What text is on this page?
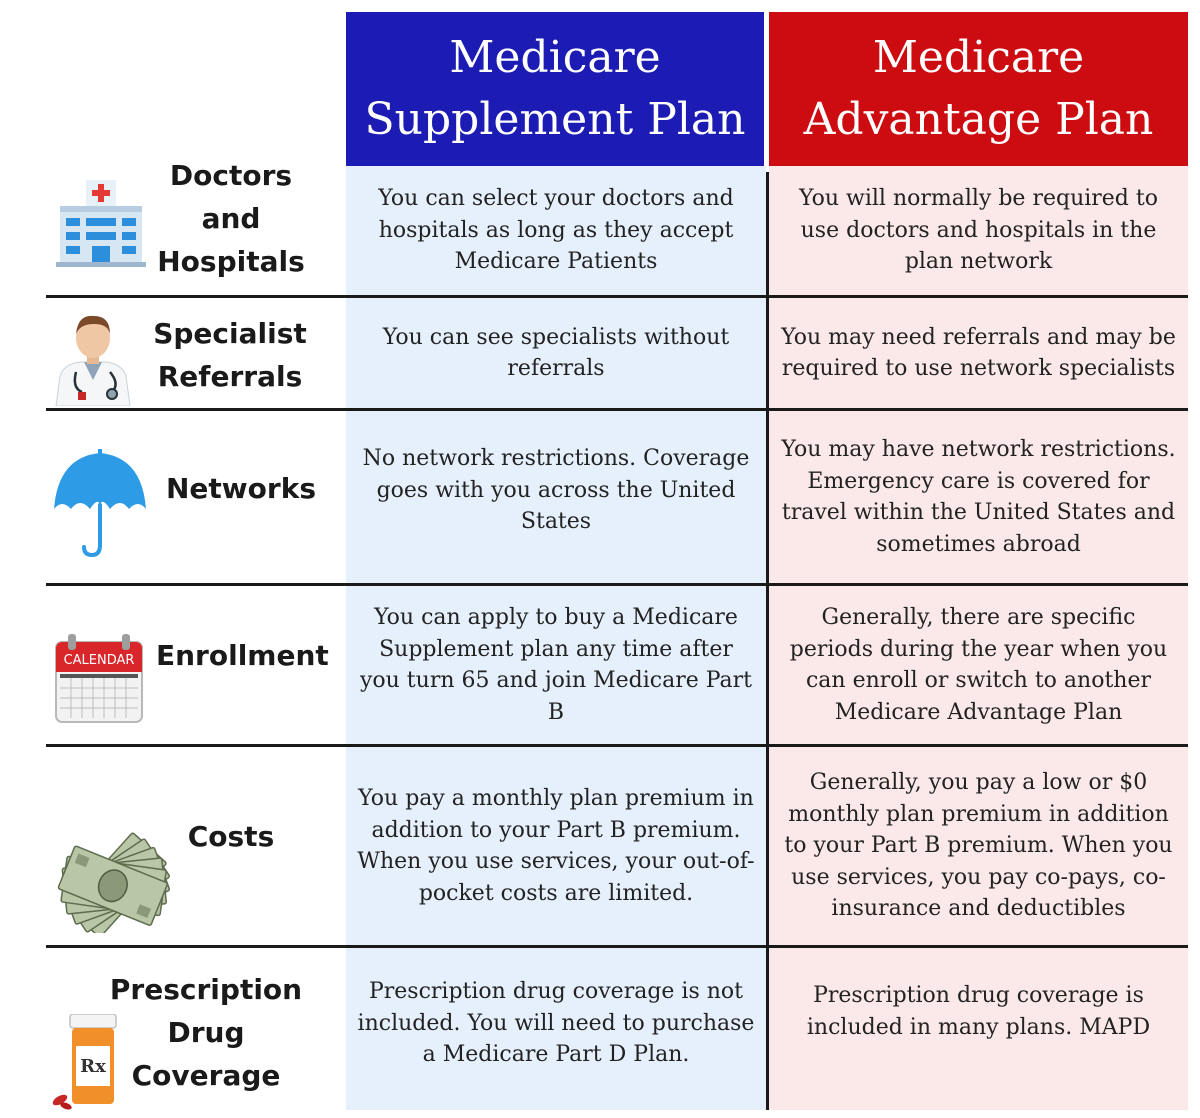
Medicare
Supplement Plan
Medicare
Advantage Plan
Doctors
and
Hospitals
You can select your doctors and hospitals as long as they accept Medicare Patients
You will normally be required to use doctors and hospitals in the plan network
Specialist
Referrals
You can see specialists without referrals
You may need referrals and may be required to use network specialists
Networks
No network restrictions. Coverage goes with you across the United States
You may have network restrictions. Emergency care is covered for travel within the United States and sometimes abroad
CALENDAR Enrollment
You can apply to buy a Medicare Supplement plan any time after you turn 65 and join Medicare Part B
Generally, there are specific periods during the year when you can enroll or switch to another Medicare Advantage Plan
Costs
You pay a monthly plan premium in addition to your Part B premium. When you use services, your out-of-pocket costs are limited.
Generally, you pay a low or $0 monthly plan premium in addition to your Part B premium. When you use services, you pay co-pays, co-insurance and deductibles
Rx
Prescription Drug
Coverage
Prescription drug coverage is not included. You will need to purchase a Medicare Part D Plan.
Prescription drug coverage is included in many plans. MAPD
